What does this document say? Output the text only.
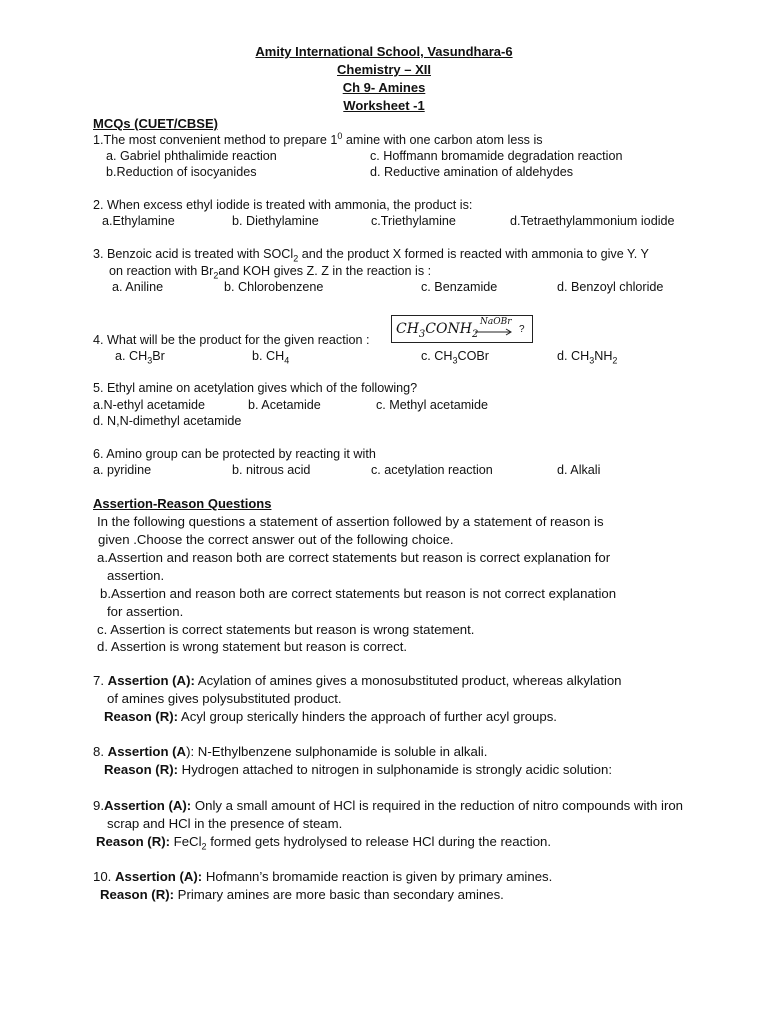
Amity International School, Vasundhara-6
Chemistry – XII
Ch 9- Amines
Worksheet -1
MCQs (CUET/CBSE)
1.The most convenient method to prepare $1^0$ amine with one carbon atom less is
a. Gabriel phthalimide reaction	c. Hoffmann bromamide degradation reaction
b.Reduction of isocyanides	d. Reductive amination of aldehydes
2. When excess ethyl iodide is treated with ammonia, the product is:
a.Ethylamine	b. Diethylamine	c.Triethylamine	d.Tetraethylammonium iodide
3. Benzoic acid is treated with SOCl$_2$ and the product X formed is reacted with ammonia to give Y. Y
on reaction with $Br_2and$ KOH gives Z. Z in the reaction is :
a. Aniline	b. Chlorobenzene	c. Benzamide	d. Benzoyl chloride
4. What will be the product for the given reaction :
$CH_3CONH_2$
NaOBr
→ ?
a. $CH_3Br$	b. $CH_4$	c. $CH_3COBr$	d. $CH_3NH_2$
5. Ethyl amine on acetylation gives which of the following?
a.N-ethyl acetamide	b. Acetamide	c. Methyl acetamide
d. N,N-dimethyl acetamide
6. Amino group can be protected by reacting it with
a. pyridine	b. nitrous acid	c. acetylation reaction	d. Alkali
Assertion-Reason Questions
In the following questions a statement of assertion followed by a statement of reason is
given .Choose the correct answer out of the following choice.
a.Assertion and reason both are correct statements but reason is correct explanation for
assertion.
b.Assertion and reason both are correct statements but reason is not correct explanation
for assertion.
c. Assertion is correct statements but reason is wrong statement.
d. Assertion is wrong statement but reason is correct.
7. Assertion (A): Acylation of amines gives a monosubstituted product, whereas alkylation
of amines gives polysubstituted product.
Reason (R): Acyl group sterically hinders the approach of further acyl groups.
8. Assertion (A): N-Ethylbenzene sulphonamide is soluble in alkali.
Reason (R): Hydrogen attached to nitrogen in sulphonamide is strongly acidic solution:
9.Assertion (A): Only a small amount of HCl is required in the reduction of nitro compounds with iron
scrap and HCl in the presence of steam.
Reason (R): FeCl$_2$ formed gets hydrolysed to release HCl during the reaction.
10. Assertion (A): Hofmann’s bromamide reaction is given by primary amines.
Reason (R): Primary amines are more basic than secondary amines.
